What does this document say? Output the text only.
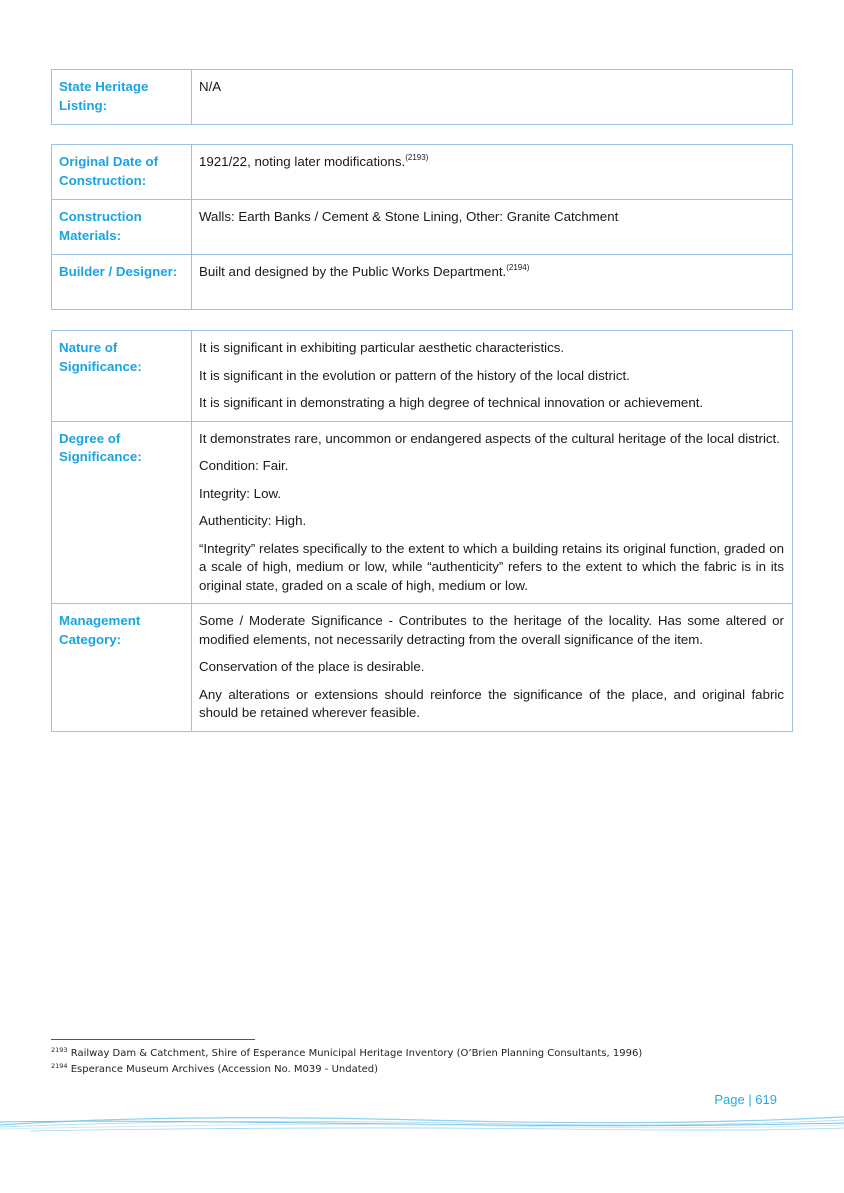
State Heritage Listing:	N/A
Original Date of Construction:	1921/22, noting later modifications.$^{(2193)}$
Construction Materials:	Walls: Earth Banks / Cement & Stone Lining, Other: Granite Catchment
Builder / Designer:	Built and designed by the Public Works Department.$^{(2194)}$
Nature of Significance:	It is significant in exhibiting particular aesthetic characteristics.

It is significant in the evolution or pattern of the history of the local district.

It is significant in demonstrating a high degree of technical innovation or achievement.

Degree of Significance:	It demonstrates rare, uncommon or endangered aspects of the cultural heritage of the local district.

Condition: Fair.

Integrity: Low.

Authenticity: High.

“Integrity” relates specifically to the extent to which a building retains its original function, graded on a scale of high, medium or low, while “authenticity” refers to the extent to which the fabric is in its original state, graded on a scale of high, medium or low.

Management Category:	Some / Moderate Significance - Contributes to the heritage of the locality. Has some altered or modified elements, not necessarily detracting from the overall significance of the item.

Conservation of the place is desirable.

Any alterations or extensions should reinforce the significance of the place, and original fabric should be retained wherever feasible.

$^{2193}$ Railway Dam & Catchment, Shire of Esperance Municipal Heritage Inventory (O’Brien Planning Consultants, 1996)
$^{2194}$ Esperance Museum Archives (Accession No. M039 - Undated)
Page | 619
